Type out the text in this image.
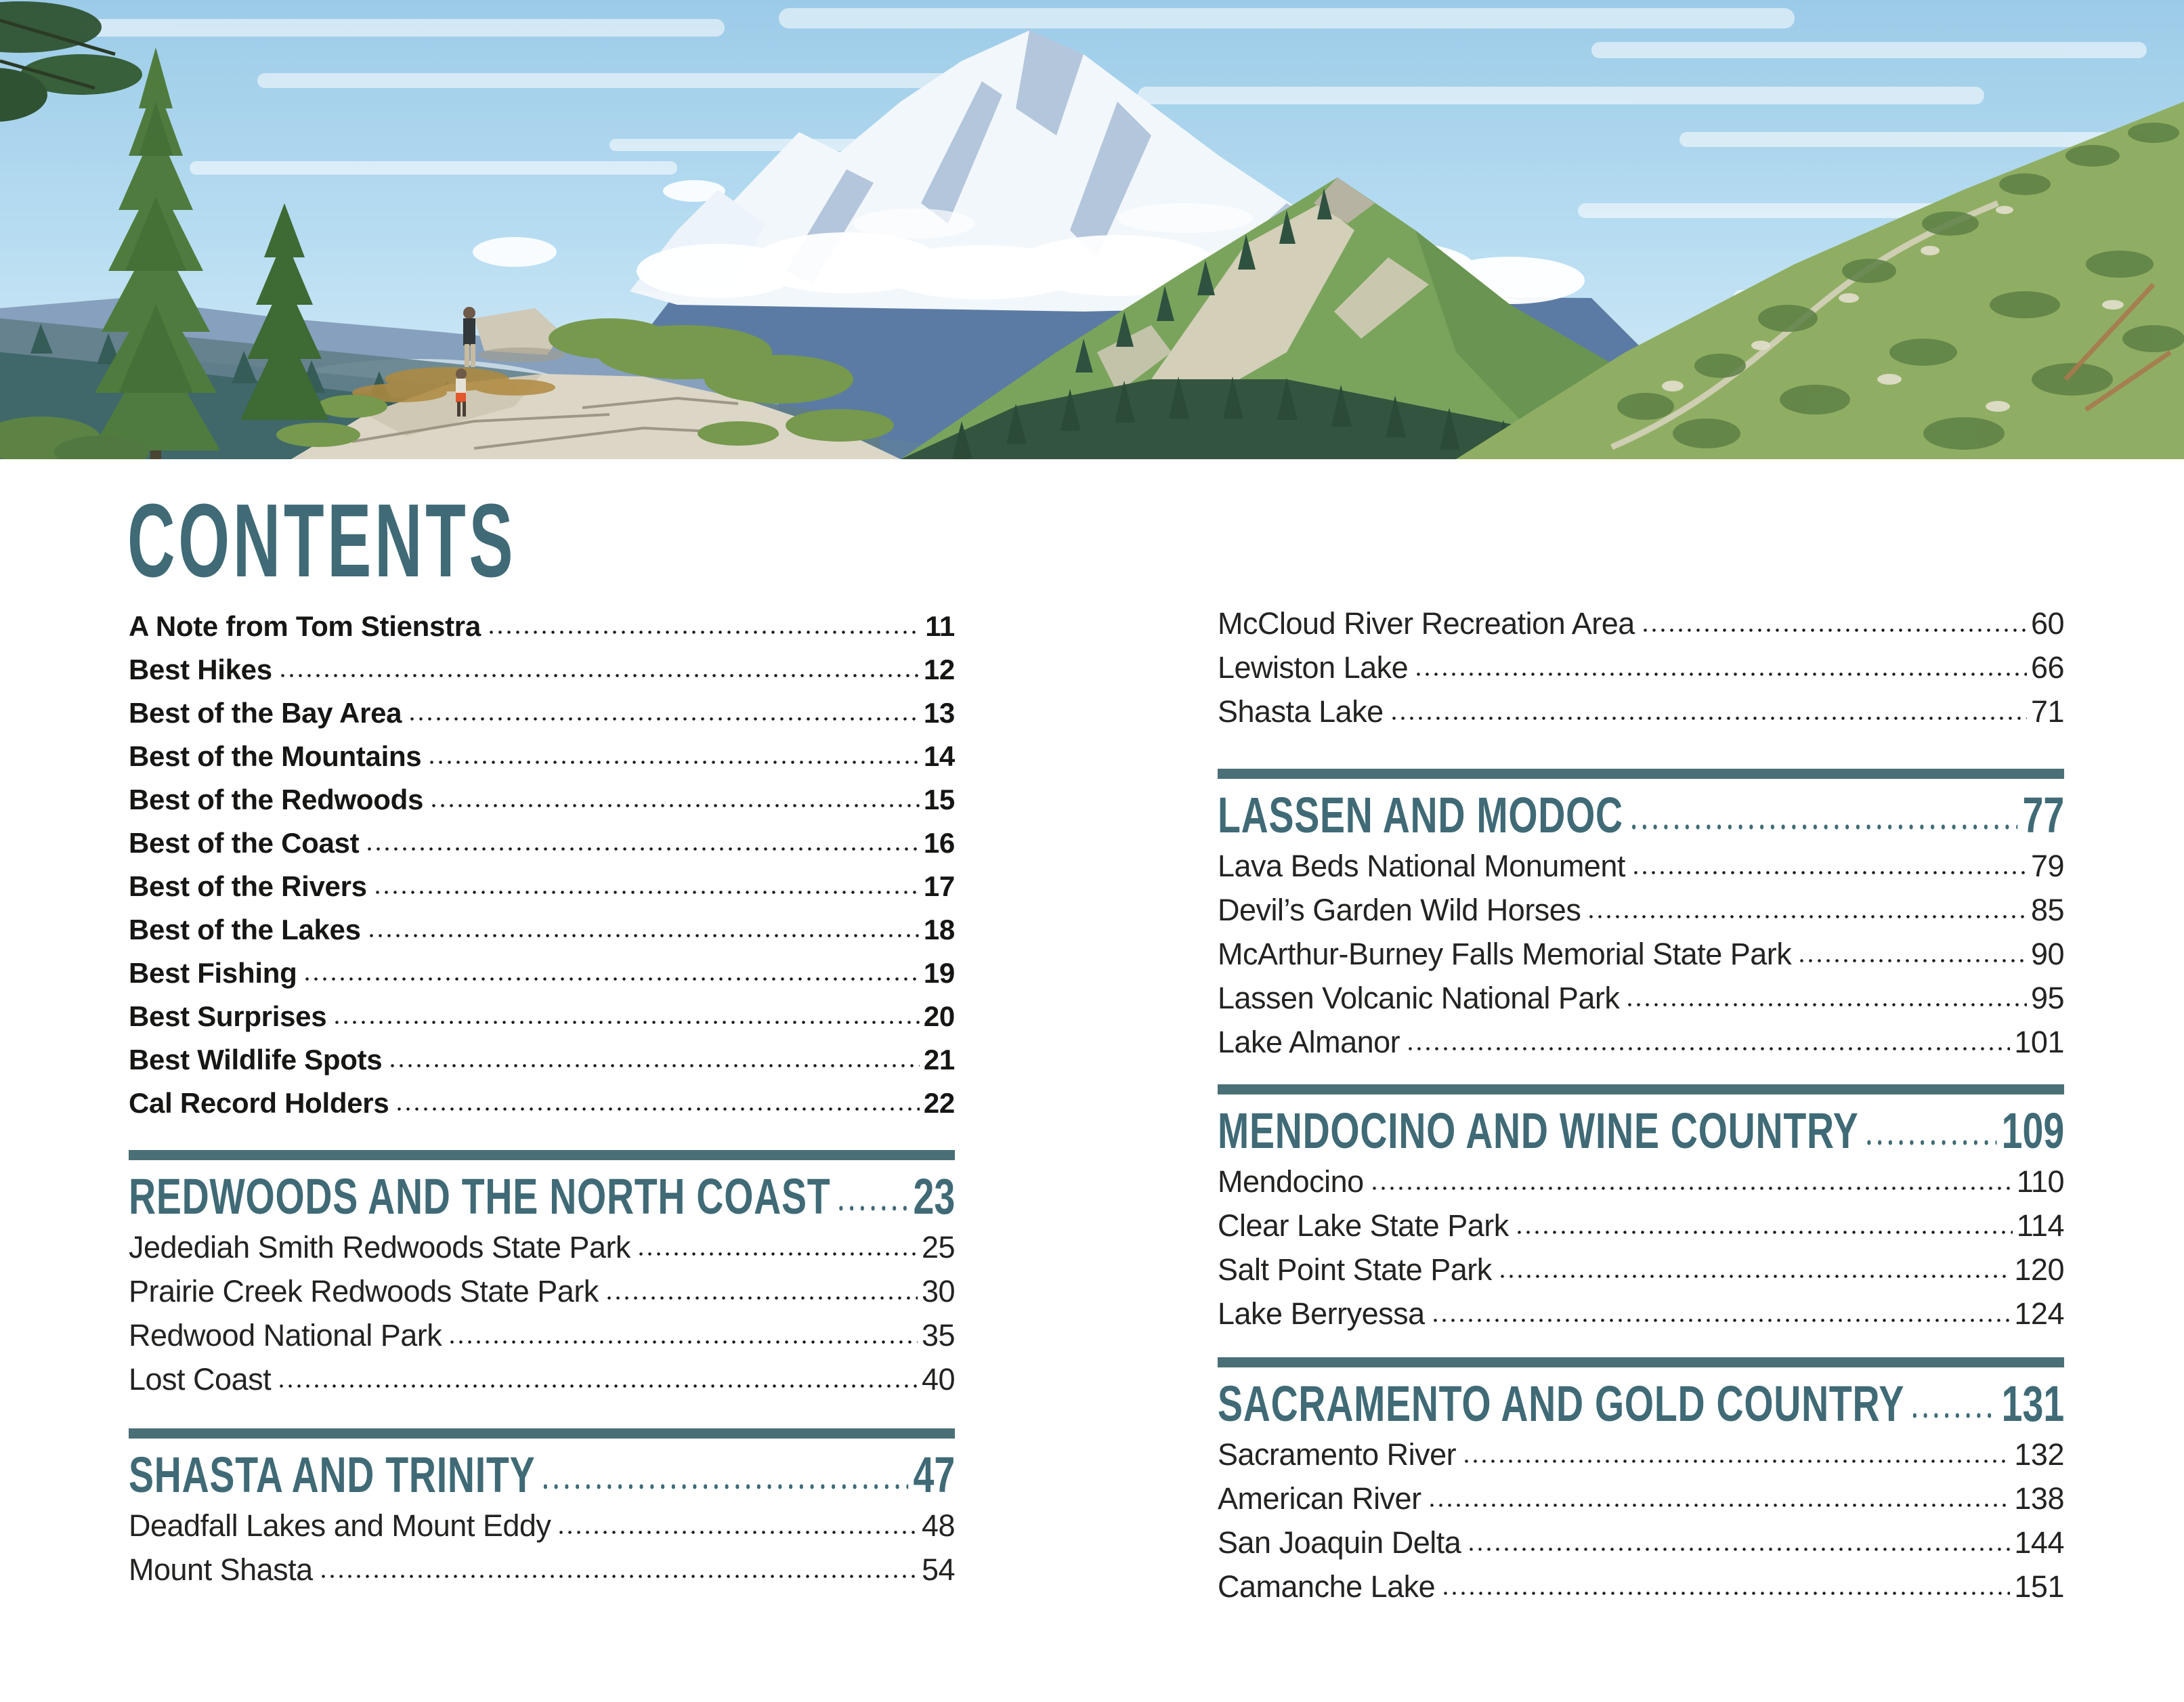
CONTENTS
A Note from Tom Stienstra	11
Best Hikes	12
Best of the Bay Area	13
Best of the Mountains	14
Best of the Redwoods	15
Best of the Coast	16
Best of the Rivers	17
Best of the Lakes	18
Best Fishing	19
Best Surprises	20
Best Wildlife Spots	21
Cal Record Holders	22
REDWOODS AND THE NORTH COAST 23
Jedediah Smith Redwoods State Park	25
Prairie Creek Redwoods State Park	30
Redwood National Park	35
Lost Coast	40
SHASTA AND TRINITY	47
Deadfall Lakes and Mount Eddy	48
Mount Shasta	54
McCloud River Recreation Area	60
Lewiston Lake	66
Shasta Lake	71
LASSEN AND MODOC	77
Lava Beds National Monument	79
Devil’s Garden Wild Horses	85
McArthur-Burney Falls Memorial State Park	90
Lassen Volcanic National Park	95
Lake Almanor	101
MENDOCINO AND WINE COUNTRY	109
Mendocino	110
Clear Lake State Park	114
Salt Point State Park	120
Lake Berryessa	124
SACRAMENTO AND GOLD COUNTRY 131
Sacramento River	132
American River	138
San Joaquin Delta	144
Camanche Lake	151
